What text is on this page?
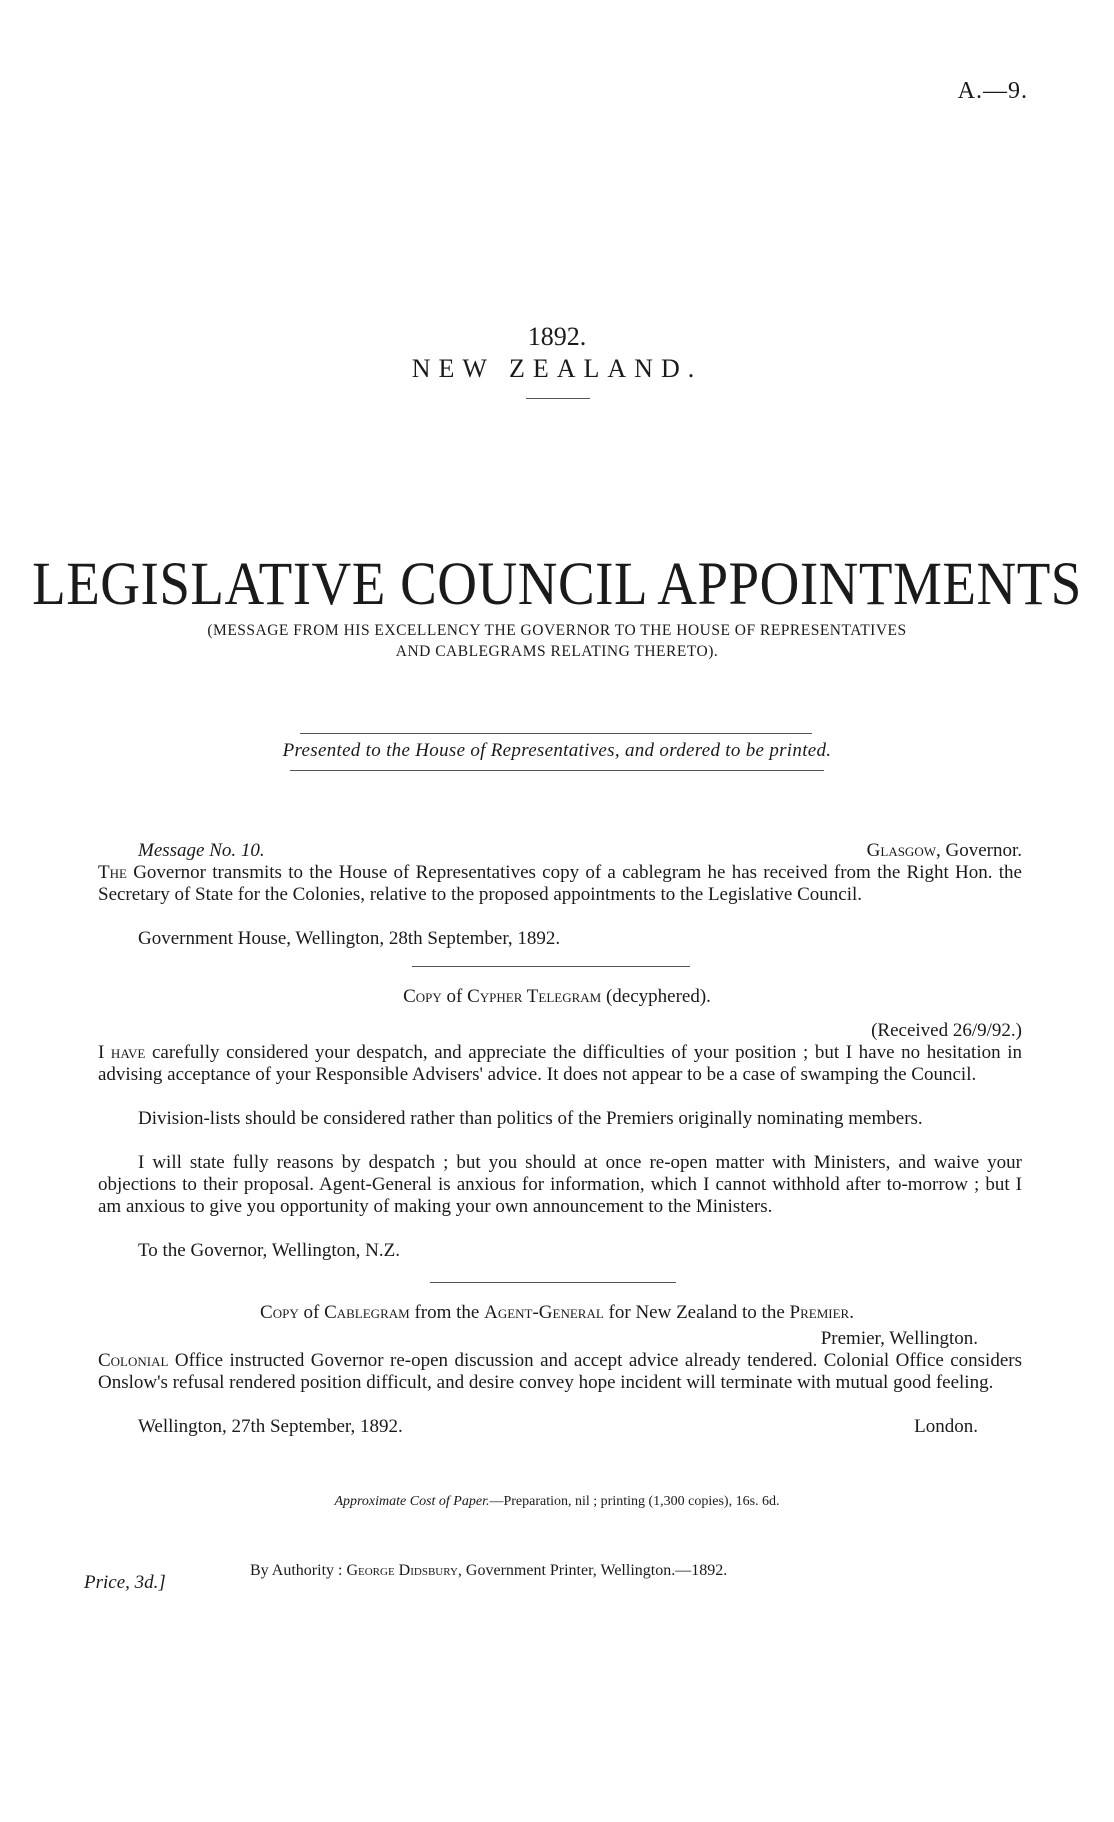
A.—9.
1892.
NEW ZEALAND.
LEGISLATIVE COUNCIL APPOINTMENTS
(MESSAGE FROM HIS EXCELLENCY THE GOVERNOR TO THE HOUSE OF REPRESENTATIVES
AND CABLEGRAMS RELATING THERETO).
Presented to the House of Representatives, and ordered to be printed.
Message No. 10.	Glasgow, Governor.
The Governor transmits to the House of Representatives copy of a cablegram he has received from the Right Hon. the Secretary of State for the Colonies, relative to the proposed appointments to the Legislative Council.
Government House, Wellington, 28th September, 1892.
Copy of Cypher Telegram (decyphered).
(Received 26/9/92.)
I have carefully considered your despatch, and appreciate the difficulties of your position ; but I have no hesitation in advising acceptance of your Responsible Advisers' advice. It does not appear to be a case of swamping the Council.
Division-lists should be considered rather than politics of the Premiers originally nominating members.
I will state fully reasons by despatch ; but you should at once re-open matter with Ministers, and waive your objections to their proposal. Agent-General is anxious for information, which I cannot withhold after to-morrow ; but I am anxious to give you opportunity of making your own announcement to the Ministers.
To the Governor, Wellington, N.Z.
Copy of Cablegram from the Agent-General for New Zealand to the Premier.
Premier, Wellington.
Colonial Office instructed Governor re-open discussion and accept advice already tendered. Colonial Office considers Onslow's refusal rendered position difficult, and desire convey hope incident will terminate with mutual good feeling.
Wellington, 27th September, 1892.	London.
Approximate Cost of Paper.—Preparation, nil ; printing (1,300 copies), 16s. 6d.
Price, 3d.]
By Authority : George Didsbury, Government Printer, Wellington.—1892.
